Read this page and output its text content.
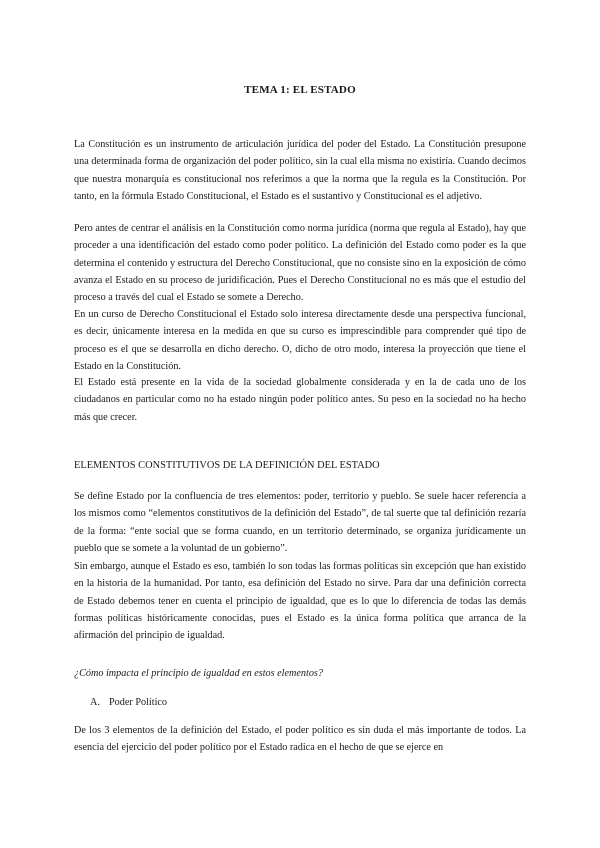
TEMA 1: EL ESTADO

La Constitución es un instrumento de articulación jurídica del poder del Estado. La Constitución presupone una determinada forma de organización del poder político, sin la cual ella misma no existiría. Cuando decimos que nuestra monarquía es constitucional nos referimos a que la norma que la regula es la Constitución. Por tanto, en la fórmula Estado Constitucional, el Estado es el sustantivo y Constitucional es el adjetivo.

Pero antes de centrar el análisis en la Constitución como norma jurídica (norma que regula al Estado), hay que proceder a una identificación del estado como poder político. La definición del Estado como poder es la que determina el contenido y estructura del Derecho Constitucional, que no consiste sino en la exposición de cómo avanza el Estado en su proceso de juridificación. Pues el Derecho Constitucional no es más que el estudio del proceso a través del cual el Estado se somete a Derecho.

En un curso de Derecho Constitucional el Estado solo interesa directamente desde una perspectiva funcional, es decir, únicamente interesa en la medida en que su curso es imprescindible para comprender qué tipo de proceso es el que se desarrolla en dicho derecho. O, dicho de otro modo, interesa la proyección que tiene el Estado en la Constitución.

El Estado está presente en la vida de la sociedad globalmente considerada y en la de cada uno de los ciudadanos en particular como no ha estado ningún poder político antes. Su peso en la sociedad no ha hecho más que crecer.

ELEMENTOS CONSTITUTIVOS DE LA DEFINICIÓN DEL ESTADO

Se define Estado por la confluencia de tres elementos: poder, territorio y pueblo. Se suele hacer referencia a los mismos como “elementos constitutivos de la definición del Estado”, de tal suerte que tal definición rezaría de la forma: “ente social que se forma cuando, en un territorio determinado, se organiza jurídicamente un pueblo que se somete a la voluntad de un gobierno”.

Sin embargo, aunque el Estado es eso, también lo son todas las formas políticas sin excepción que han existido en la historia de la humanidad. Por tanto, esa definición del Estado no sirve. Para dar una definición correcta de Estado debemos tener en cuenta el principio de igualdad, que es lo que lo diferencia de todas las demás formas políticas históricamente conocidas, pues el Estado es la única forma política que arranca de la afirmación del principio de igualdad.

¿Cómo impacta el principio de igualdad en estos elementos?
A. Poder Político

De los 3 elementos de la definición del Estado, el poder político es sin duda el más importante de todos. La esencia del ejercicio del poder político por el Estado radica en el hecho de que se ejerce en
